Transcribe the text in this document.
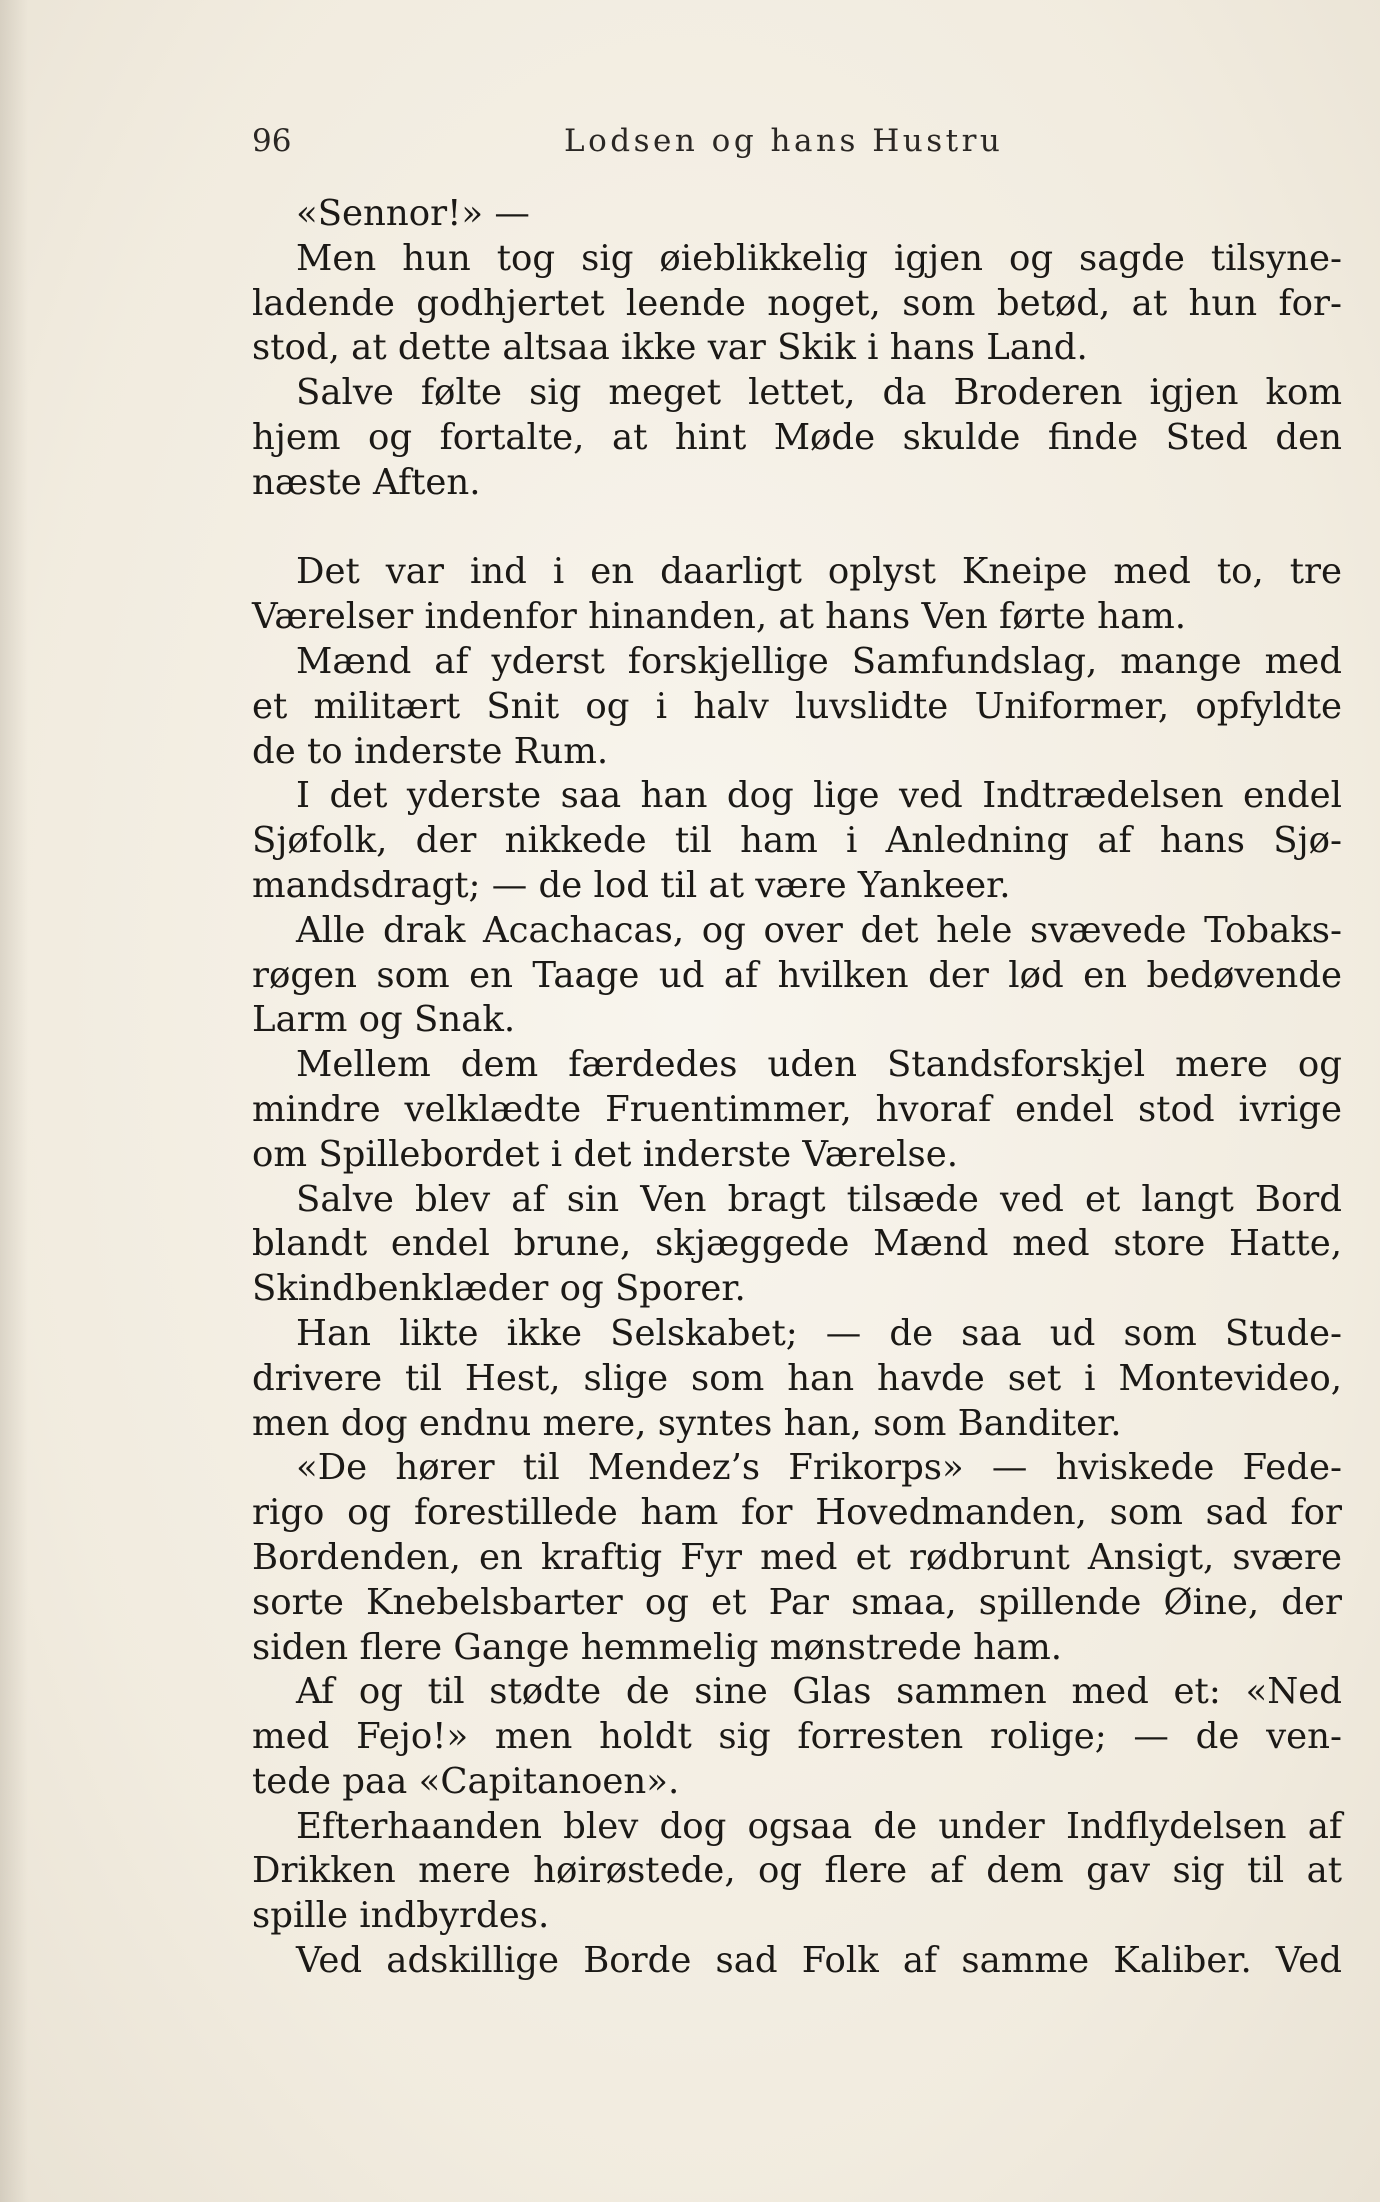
96	Lodsen og hans Hustru
«Sennor!» —
Men hun tog sig øieblikkelig igjen og sagde tilsyne-
ladende godhjertet leende noget, som betød, at hun for-
stod, at dette altsaa ikke var Skik i hans Land.
Salve følte sig meget lettet, da Broderen igjen kom
hjem og fortalte, at hint Møde skulde finde Sted den
næste Aften.
Det var ind i en daarligt oplyst Kneipe med to, tre
Værelser indenfor hinanden, at hans Ven førte ham.
Mænd af yderst forskjellige Samfundslag, mange med
et militært Snit og i halv luvslidte Uniformer, opfyldte
de to inderste Rum.
I det yderste saa han dog lige ved Indtrædelsen endel
Sjøfolk, der nikkede til ham i Anledning af hans Sjø-
mandsdragt; — de lod til at være Yankeer.
Alle drak Acachacas, og over det hele svævede Tobaks-
røgen som en Taage ud af hvilken der lød en bedøvende
Larm og Snak.
Mellem dem færdedes uden Standsforskjel mere og
mindre velklædte Fruentimmer, hvoraf endel stod ivrige
om Spillebordet i det inderste Værelse.
Salve blev af sin Ven bragt tilsæde ved et langt Bord
blandt endel brune, skjæggede Mænd med store Hatte,
Skindbenklæder og Sporer.
Han likte ikke Selskabet; — de saa ud som Stude-
drivere til Hest, slige som han havde set i Montevideo,
men dog endnu mere, syntes han, som Banditer.
«De hører til Mendez’s Frikorps» — hviskede Fede-
rigo og forestillede ham for Hovedmanden, som sad for
Bordenden, en kraftig Fyr med et rødbrunt Ansigt, svære
sorte Knebelsbarter og et Par smaa, spillende Øine, der
siden flere Gange hemmelig mønstrede ham.
Af og til stødte de sine Glas sammen med et: «Ned
med Fejo!» men holdt sig forresten rolige; — de ven-
tede paa «Capitanoen».
Efterhaanden blev dog ogsaa de under Indflydelsen af
Drikken mere høirøstede, og flere af dem gav sig til at
spille indbyrdes.
Ved adskillige Borde sad Folk af samme Kaliber. Ved
